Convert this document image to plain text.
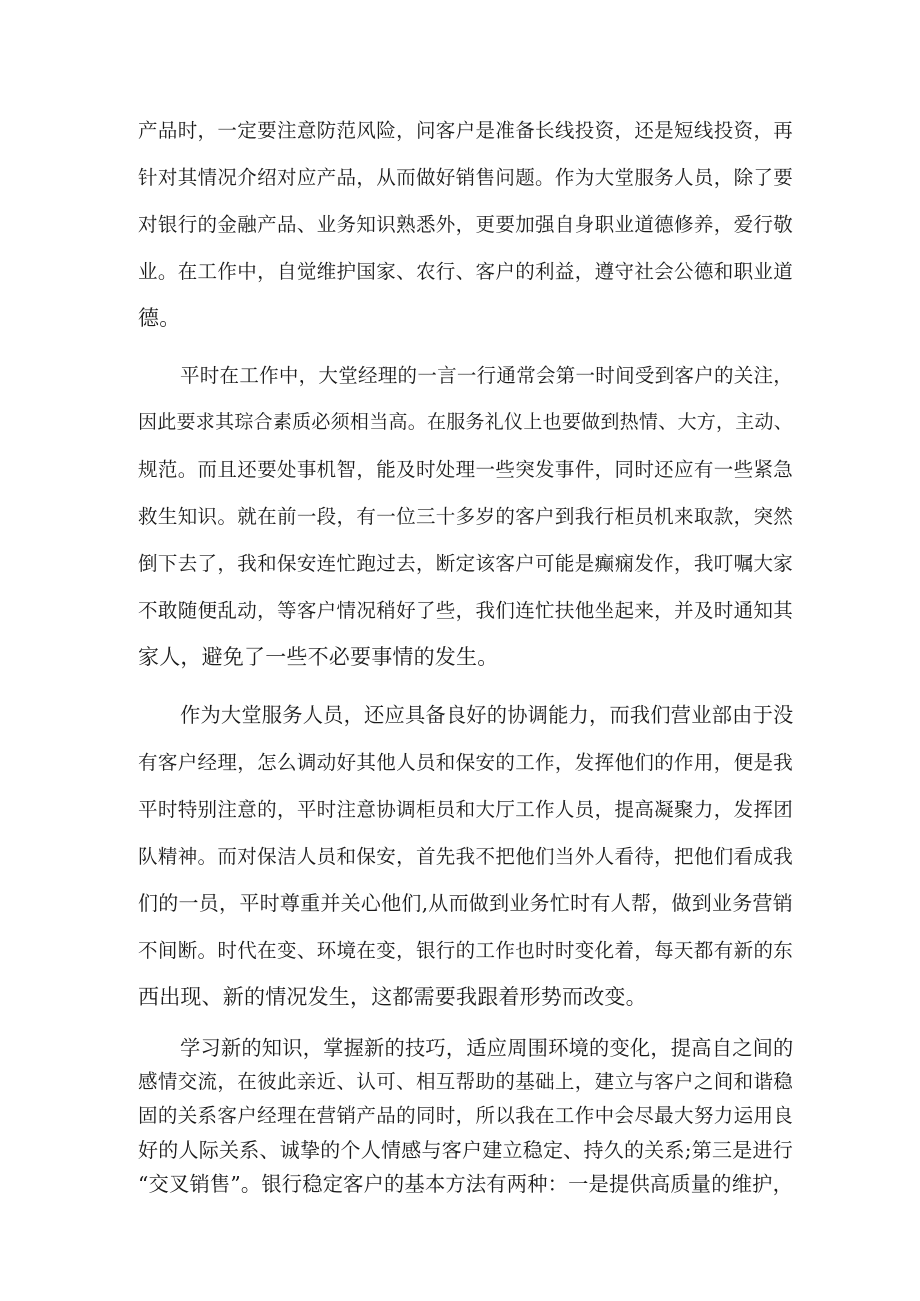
产品时，一定要注意防范风险，问客户是准备长线投资，还是短线投资，再
针对其情况介绍对应产品，从而做好销售问题。作为大堂服务人员，除了要
对银行的金融产品、业务知识熟悉外，更要加强自身职业道德修养，爱行敬
业。在工作中，自觉维护国家、农行、客户的利益，遵守社会公德和职业道
德。
平时在工作中，大堂经理的一言一行通常会第一时间受到客户的关注，
因此要求其琮合素质必须相当高。在服务礼仪上也要做到热情、大方，主动、
规范。而且还要处事机智，能及时处理一些突发事件，同时还应有一些紧急
救生知识。就在前一段，有一位三十多岁的客户到我行柜员机来取款，突然
倒下去了，我和保安连忙跑过去，断定该客户可能是癫痫发作，我叮嘱大家
不敢随便乱动，等客户情况稍好了些，我们连忙扶他坐起来，并及时通知其
家人，避免了一些不必要事情的发生。
作为大堂服务人员，还应具备良好的协调能力，而我们营业部由于没
有客户经理，怎么调动好其他人员和保安的工作，发挥他们的作用，便是我
平时特别注意的，平时注意协调柜员和大厅工作人员，提高凝聚力，发挥团
队精神。而对保洁人员和保安，首先我不把他们当外人看待，把他们看成我
们的一员，平时尊重并关心他们,从而做到业务忙时有人帮，做到业务营销
不间断。时代在变、环境在变，银行的工作也时时变化着，每天都有新的东
西出现、新的情况发生，这都需要我跟着形势而改变。
学习新的知识，掌握新的技巧，适应周围环境的变化，提高自之间的
感情交流，在彼此亲近、认可、相互帮助的基础上，建立与客户之间和谐稳
固的关系客户经理在营销产品的同时，所以我在工作中会尽最大努力运用良
好的人际关系、诚挚的个人情感与客户建立稳定、持久的关系;第三是进行
“交叉销售”。银行稳定客户的基本方法有两种：一是提供高质量的维护，
